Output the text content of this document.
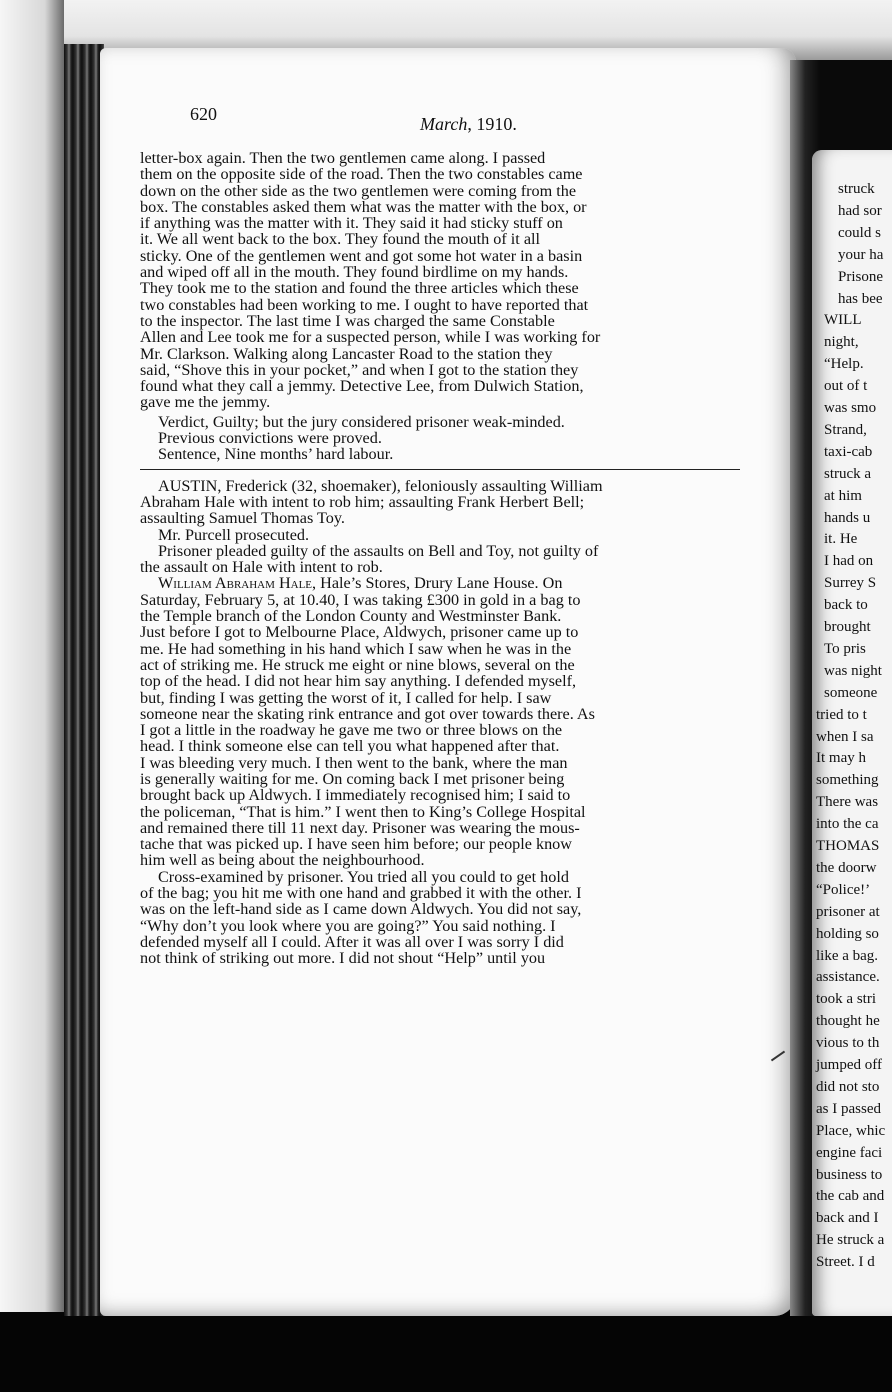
struck
had sor
could s
your ha
Prisone
has bee
WILL
night,
“Help.
out of t
was smo
Strand,
taxi-cab
struck a
at him
hands u
it. He
I had on
Surrey S
back to
brought
To pris
was night
someone
tried to t
when I sa
It may h
something
There was
into the ca
THOMAS
the doorw
“Police!’
prisoner at
holding so
like a bag.
assistance.
took a stri
thought he
vious to th
jumped off
did not sto
as I passed
Place, whic
engine faci
business to
the cab and
back and I
He struck a
Street. I d
620	March, 1910.
letter-box again. Then the two gentlemen came along. I passed
them on the opposite side of the road. Then the two constables came
down on the other side as the two gentlemen were coming from the
box. The constables asked them what was the matter with the box, or
if anything was the matter with it. They said it had sticky stuff on
it. We all went back to the box. They found the mouth of it all
sticky. One of the gentlemen went and got some hot water in a basin
and wiped off all in the mouth. They found birdlime on my hands.
They took me to the station and found the three articles which these
two constables had been working to me. I ought to have reported that
to the inspector. The last time I was charged the same Constable
Allen and Lee took me for a suspected person, while I was working for
Mr. Clarkson. Walking along Lancaster Road to the station they
said, “Shove this in your pocket,” and when I got to the station they
found what they call a jemmy. Detective Lee, from Dulwich Station,
gave me the jemmy.

Verdict, Guilty; but the jury considered prisoner weak-minded.

Previous convictions were proved.

Sentence, Nine months’ hard labour.

AUSTIN, Frederick (32, shoemaker), feloniously assaulting William
Abraham Hale with intent to rob him; assaulting Frank Herbert Bell;
assaulting Samuel Thomas Toy.

Mr. Purcell prosecuted.

Prisoner pleaded guilty of the assaults on Bell and Toy, not guilty of
the assault on Hale with intent to rob.
William Abraham Hale, Hale’s Stores, Drury Lane House. On
Saturday, February 5, at 10.40, I was taking £300 in gold in a bag to
the Temple branch of the London County and Westminster Bank.
Just before I got to Melbourne Place, Aldwych, prisoner came up to
me. He had something in his hand which I saw when he was in the
act of striking me. He struck me eight or nine blows, several on the
top of the head. I did not hear him say anything. I defended myself,
but, finding I was getting the worst of it, I called for help. I saw
someone near the skating rink entrance and got over towards there. As
I got a little in the roadway he gave me two or three blows on the
head. I think someone else can tell you what happened after that.
I was bleeding very much. I then went to the bank, where the man
is generally waiting for me. On coming back I met prisoner being
brought back up Aldwych. I immediately recognised him; I said to
the policeman, “That is him.” I went then to King’s College Hospital
and remained there till 11 next day. Prisoner was wearing the mous-
tache that was picked up. I have seen him before; our people know
him well as being about the neighbourhood.
Cross-examined by prisoner. You tried all you could to get hold
of the bag; you hit me with one hand and grabbed it with the other. I
was on the left-hand side as I came down Aldwych. You did not say,
“Why don’t you look where you are going?” You said nothing. I
defended myself all I could. After it was all over I was sorry I did
not think of striking out more. I did not shout “Help” until you
